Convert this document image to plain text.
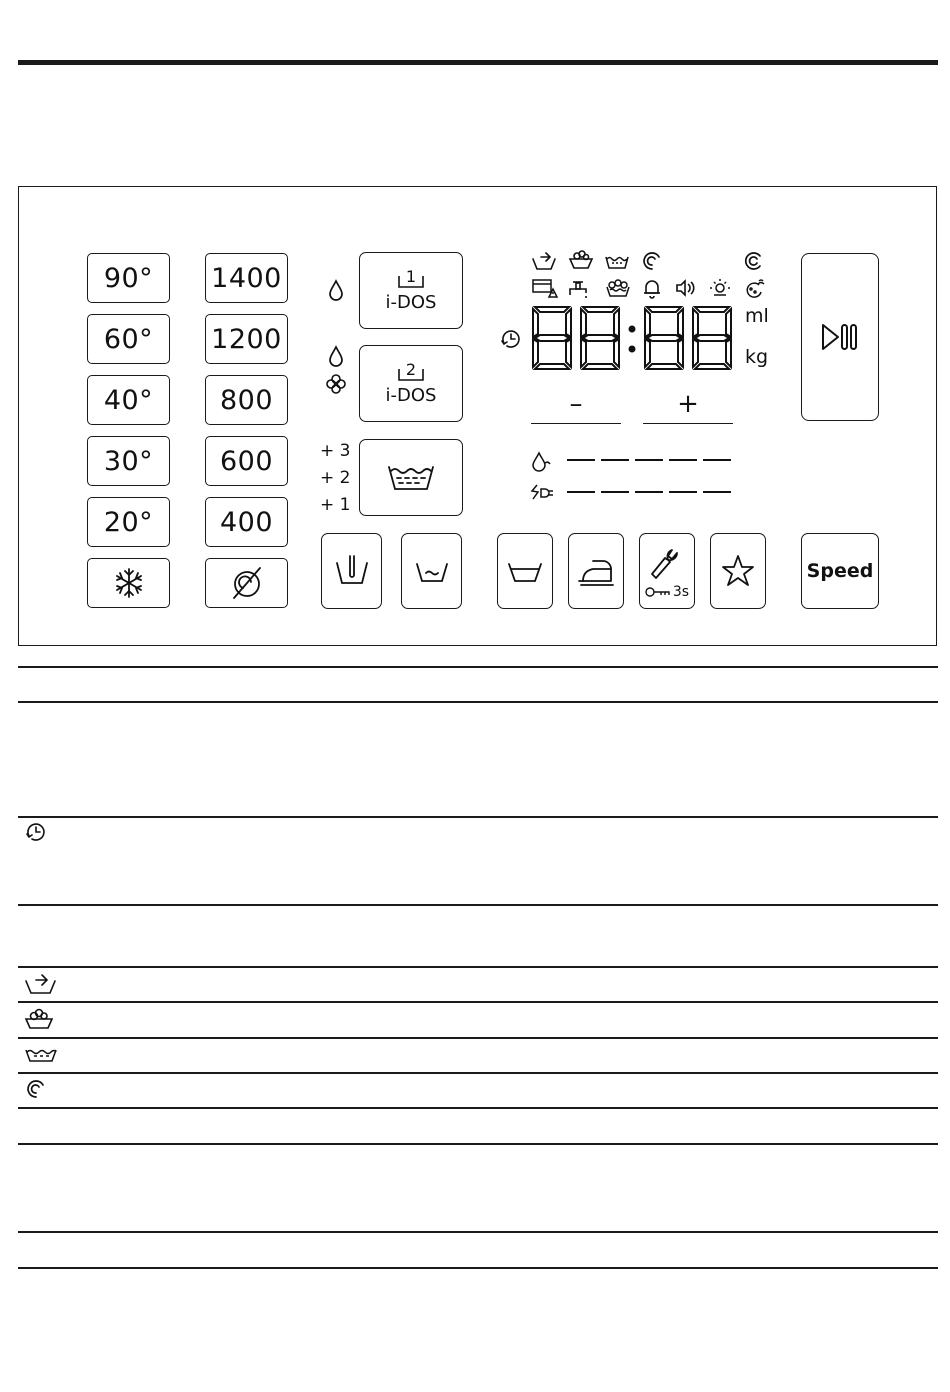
90°
60°
40°
30°
20°
1400
1200
800
600
400
1
i-DOS
2
i-DOS
+ 3
+ 2
+ 1
ml
kg
–	+
3s
Speed
